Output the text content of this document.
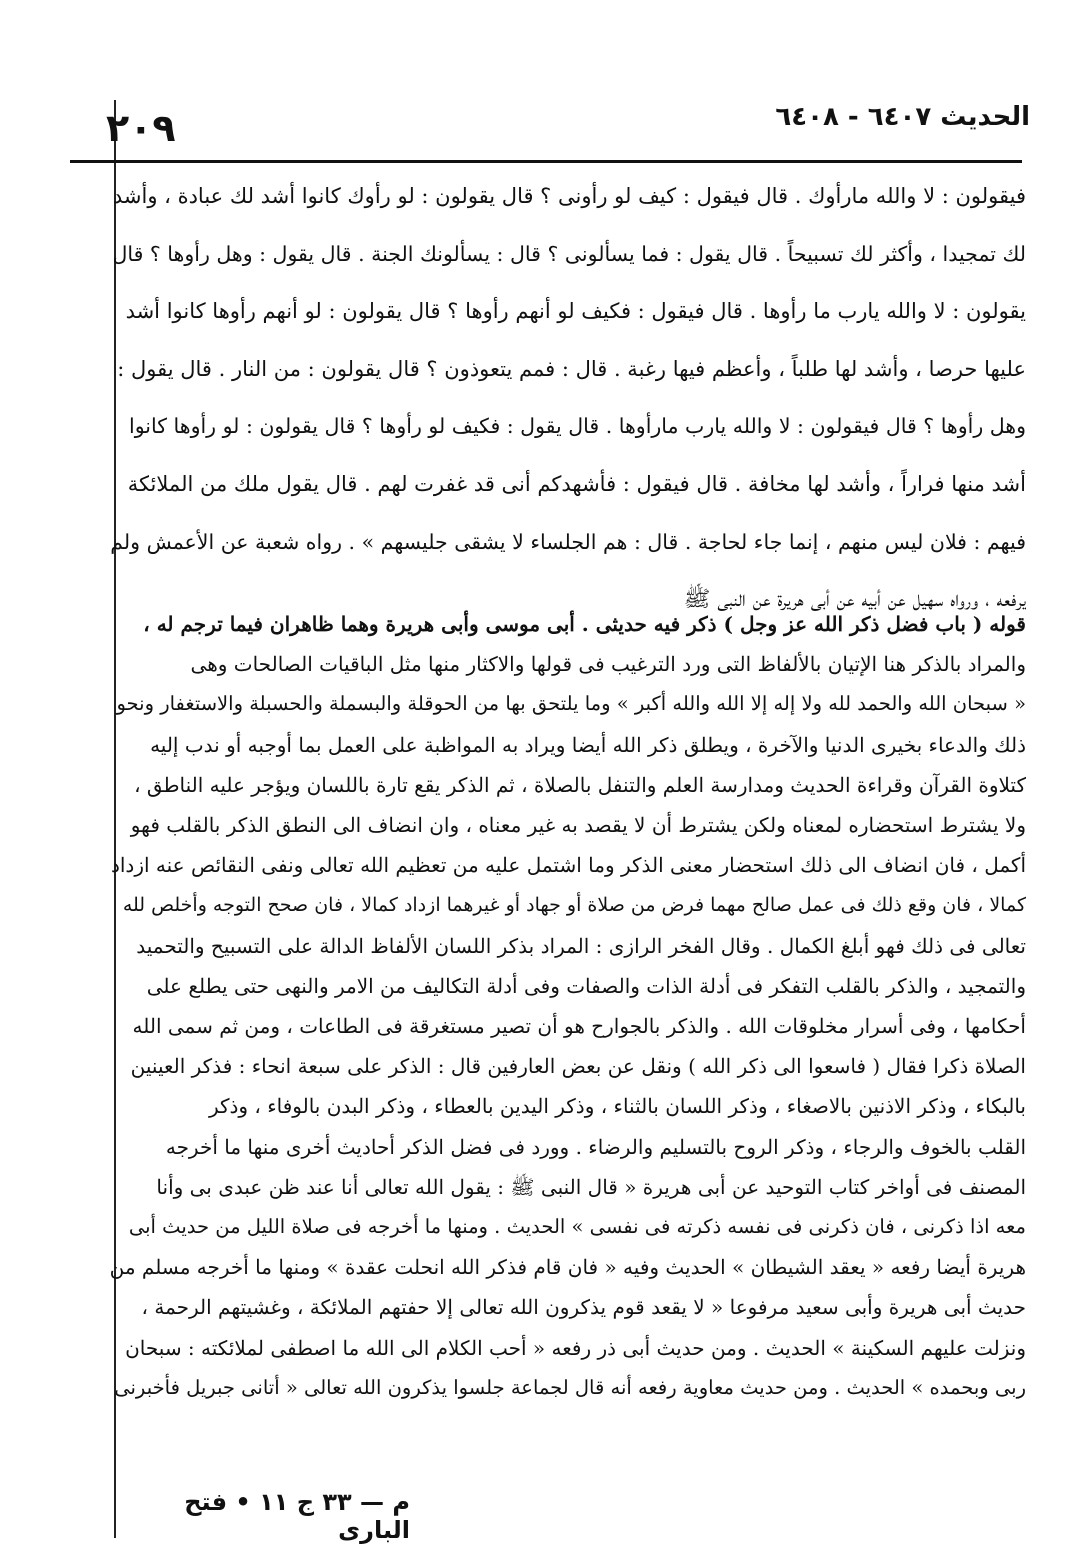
٢٠٩	الحديث ٦٤٠٧ - ٦٤٠٨
فيقولون : لا والله مارأوك . قال فيقول : كيف لو رأونى ؟ قال يقولون : لو رأوك كانوا أشد لك عبادة ، وأشد
لك تمجيدا ، وأكثر لك تسبيحاً . قال يقول : فما يسألونى ؟ قال : يسألونك الجنة . قال يقول : وهل رأوها ؟ قال
يقولون : لا والله يارب ما رأوها . قال فيقول : فكيف لو أنهم رأوها ؟ قال يقولون : لو أنهم رأوها كانوا أشد
عليها حرصا ، وأشد لها طلباً ، وأعظم فيها رغبة . قال : فمم يتعوذون ؟ قال يقولون : من النار . قال يقول :
وهل رأوها ؟ قال فيقولون : لا والله يارب مارأوها . قال يقول : فكيف لو رأوها ؟ قال يقولون : لو رأوها كانوا
أشد منها فراراً ، وأشد لها مخافة . قال فيقول : فأشهدكم أنى قد غفرت لهم . قال يقول ملك من الملائكة
فيهم : فلان ليس منهم ، إنما جاء لحاجة . قال : هم الجلساء لا يشقى جليسهم » . رواه شعبة عن الأعمش ولم
يرفعه ، ورواه سهيل عن أبيه عن أبى هريرة عن النبى ﷺ
قوله ( باب فضل ذكر الله عز وجل ) ذكر فيه حديثى . أبى موسى وأبى هريرة وهما ظاهران فيما ترجم له ،
والمراد بالذكر هنا الإتيان بالألفاظ التى ورد الترغيب فى قولها والاكثار منها مثل الباقيات الصالحات وهى
« سبحان الله والحمد لله ولا إله إلا الله والله أكبر » وما يلتحق بها من الحوقلة والبسملة والحسبلة والاستغفار ونحو
ذلك والدعاء بخيرى الدنيا والآخرة ، ويطلق ذكر الله أيضا ويراد به المواظبة على العمل بما أوجبه أو ندب إليه
كتلاوة القرآن وقراءة الحديث ومدارسة العلم والتنفل بالصلاة ، ثم الذكر يقع تارة باللسان ويؤجر عليه الناطق ،
ولا يشترط استحضاره لمعناه ولكن يشترط أن لا يقصد به غير معناه ، وان انضاف الى النطق الذكر بالقلب فهو
أكمل ، فان انضاف الى ذلك استحضار معنى الذكر وما اشتمل عليه من تعظيم الله تعالى ونفى النقائص عنه ازداد
كمالا ، فان وقع ذلك فى عمل صالح مهما فرض من صلاة أو جهاد أو غيرهما ازداد كمالا ، فان صحح التوجه وأخلص لله
تعالى فى ذلك فهو أبلغ الكمال . وقال الفخر الرازى : المراد بذكر اللسان الألفاظ الدالة على التسبيح والتحميد
والتمجيد ، والذكر بالقلب التفكر فى أدلة الذات والصفات وفى أدلة التكاليف من الامر والنهى حتى يطلع على
أحكامها ، وفى أسرار مخلوقات الله . والذكر بالجوارح هو أن تصير مستغرقة فى الطاعات ، ومن ثم سمى الله
الصلاة ذكرا فقال ( فاسعوا الى ذكر الله ) ونقل عن بعض العارفين قال : الذكر على سبعة انحاء : فذكر العينين
بالبكاء ، وذكر الاذنين بالاصغاء ، وذكر اللسان بالثناء ، وذكر اليدين بالعطاء ، وذكر البدن بالوفاء ، وذكر
القلب بالخوف والرجاء ، وذكر الروح بالتسليم والرضاء . وورد فى فضل الذكر أحاديث أخرى منها ما أخرجه
المصنف فى أواخر كتاب التوحيد عن أبى هريرة « قال النبى ﷺ : يقول الله تعالى أنا عند ظن عبدى بى وأنا
معه اذا ذكرنى ، فان ذكرنى فى نفسه ذكرته فى نفسى » الحديث . ومنها ما أخرجه فى صلاة الليل من حديث أبى
هريرة أيضا رفعه « يعقد الشيطان » الحديث وفيه « فان قام فذكر الله انحلت عقدة » ومنها ما أخرجه مسلم من
حديث أبى هريرة وأبى سعيد مرفوعا « لا يقعد قوم يذكرون الله تعالى إلا حفتهم الملائكة ، وغشيتهم الرحمة ،
ونزلت عليهم السكينة » الحديث . ومن حديث أبى ذر رفعه « أحب الكلام الى الله ما اصطفى لملائكته : سبحان
ربى وبحمده » الحديث . ومن حديث معاوية رفعه أنه قال لجماعة جلسوا يذكرون الله تعالى « أتانى جبريل فأخبرنى
م — ٣٣ ج ١١ • فتح البارى
